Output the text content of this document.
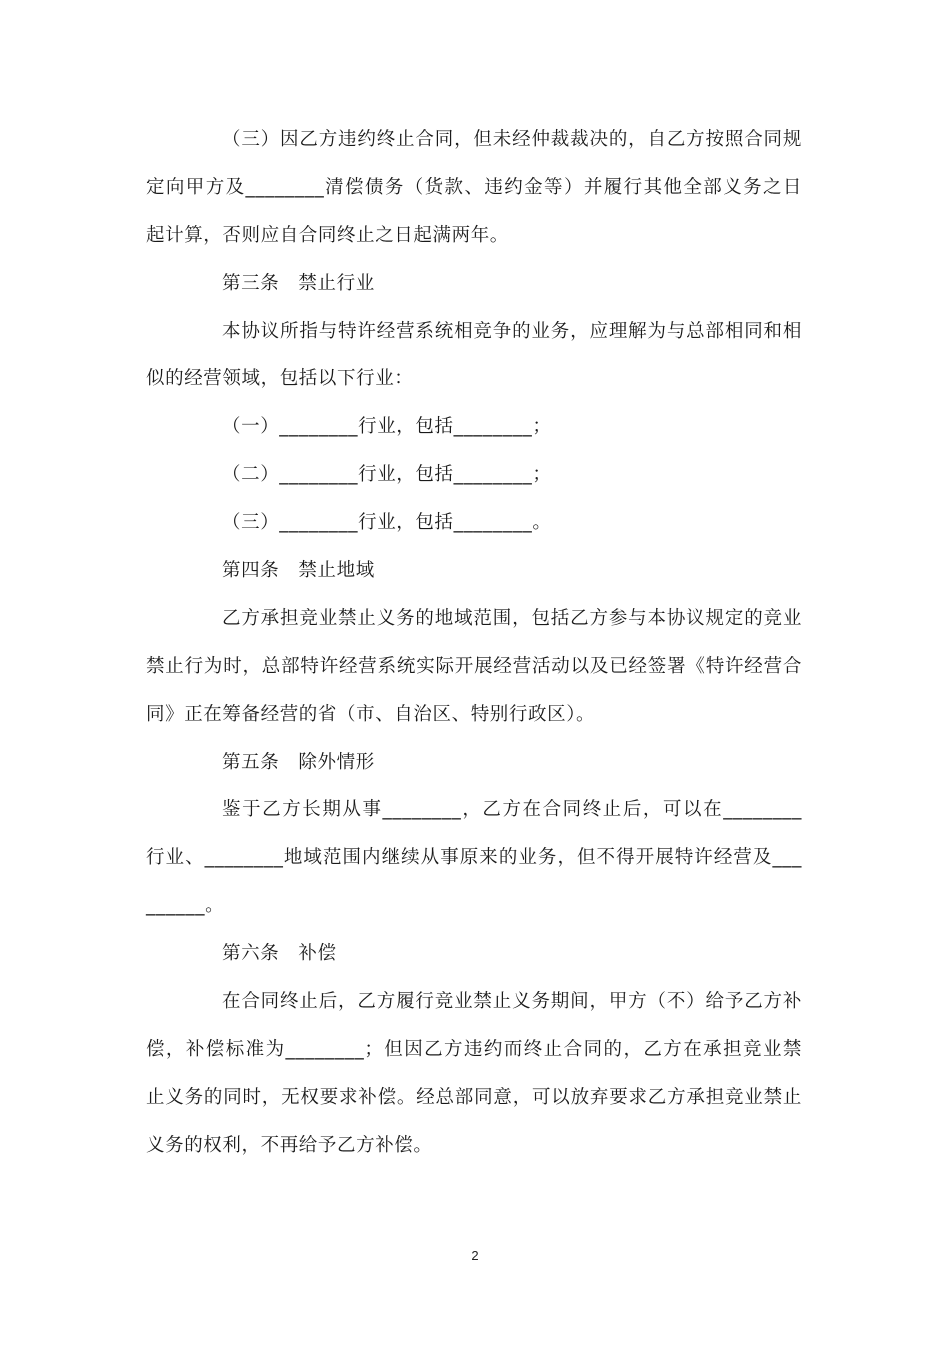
（三）因乙方违约终止合同，但未经仲裁裁决的，自乙方按照合同规
定向甲方及________清偿债务（货款、违约金等）并履行其他全部义务之日
起计算，否则应自合同终止之日起满两年。
第三条　禁止行业
本协议所指与特许经营系统相竞争的业务，应理解为与总部相同和相
似的经营领域，包括以下行业：
（一）________行业，包括________；
（二）________行业，包括________；
（三）________行业，包括________。
第四条　禁止地域
乙方承担竞业禁止义务的地域范围，包括乙方参与本协议规定的竞业
禁止行为时，总部特许经营系统实际开展经营活动以及已经签署《特许经营合
同》正在筹备经营的省（市、自治区、特别行政区）。
第五条　除外情形
鉴于乙方长期从事________，乙方在合同终止后，可以在________
行业、________地域范围内继续从事原来的业务，但不得开展特许经营及___
______。
第六条　补偿
在合同终止后，乙方履行竞业禁止义务期间，甲方（不）给予乙方补
偿，补偿标准为________；但因乙方违约而终止合同的，乙方在承担竞业禁
止义务的同时，无权要求补偿。经总部同意，可以放弃要求乙方承担竞业禁止
义务的权利，不再给予乙方补偿。
2
